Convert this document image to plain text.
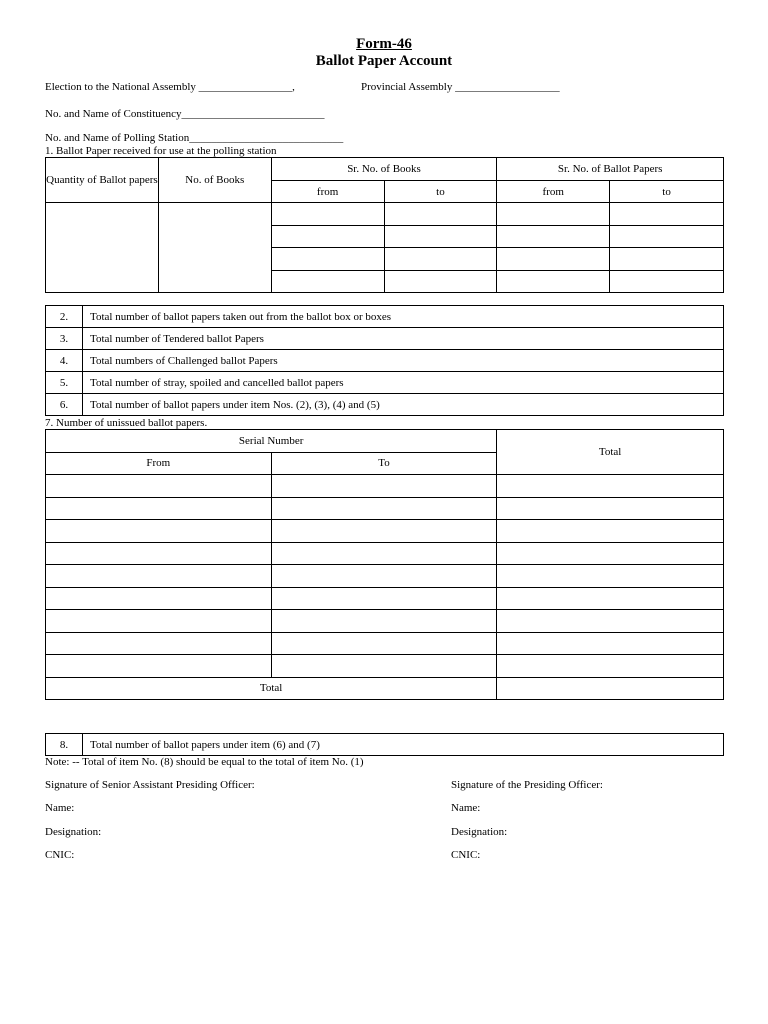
Form-46
Ballot Paper Account
Election to the National Assembly _________________,	Provincial Assembly ___________________
No. and Name of Constituency__________________________
No. and Name of Polling Station____________________________
1. Ballot Paper received for use at the polling station
Quantity of Ballot papers	No. of Books	Sr. No. of Books		Sr. No. of Ballot Papers	
		from	to	from	to

2.	Total number of ballot papers taken out from the ballot box or boxes
3.	Total number of Tendered ballot Papers
4.	Total numbers of Challenged ballot Papers
5.	Total number of stray, spoiled and cancelled ballot papers
6.	Total number of ballot papers under item Nos. (2), (3), (4) and (5)
7. Number of unissued ballot papers.
Serial Number		Total
From	To	

Total		
8.	Total number of ballot papers under item (6) and (7)
Note: -- Total of item No. (8) should be equal to the total of item No. (1)
Signature of Senior Assistant Presiding Officer:	Signature of the Presiding Officer:
Name:	Name:
Designation:	Designation:
CNIC:	CNIC:
